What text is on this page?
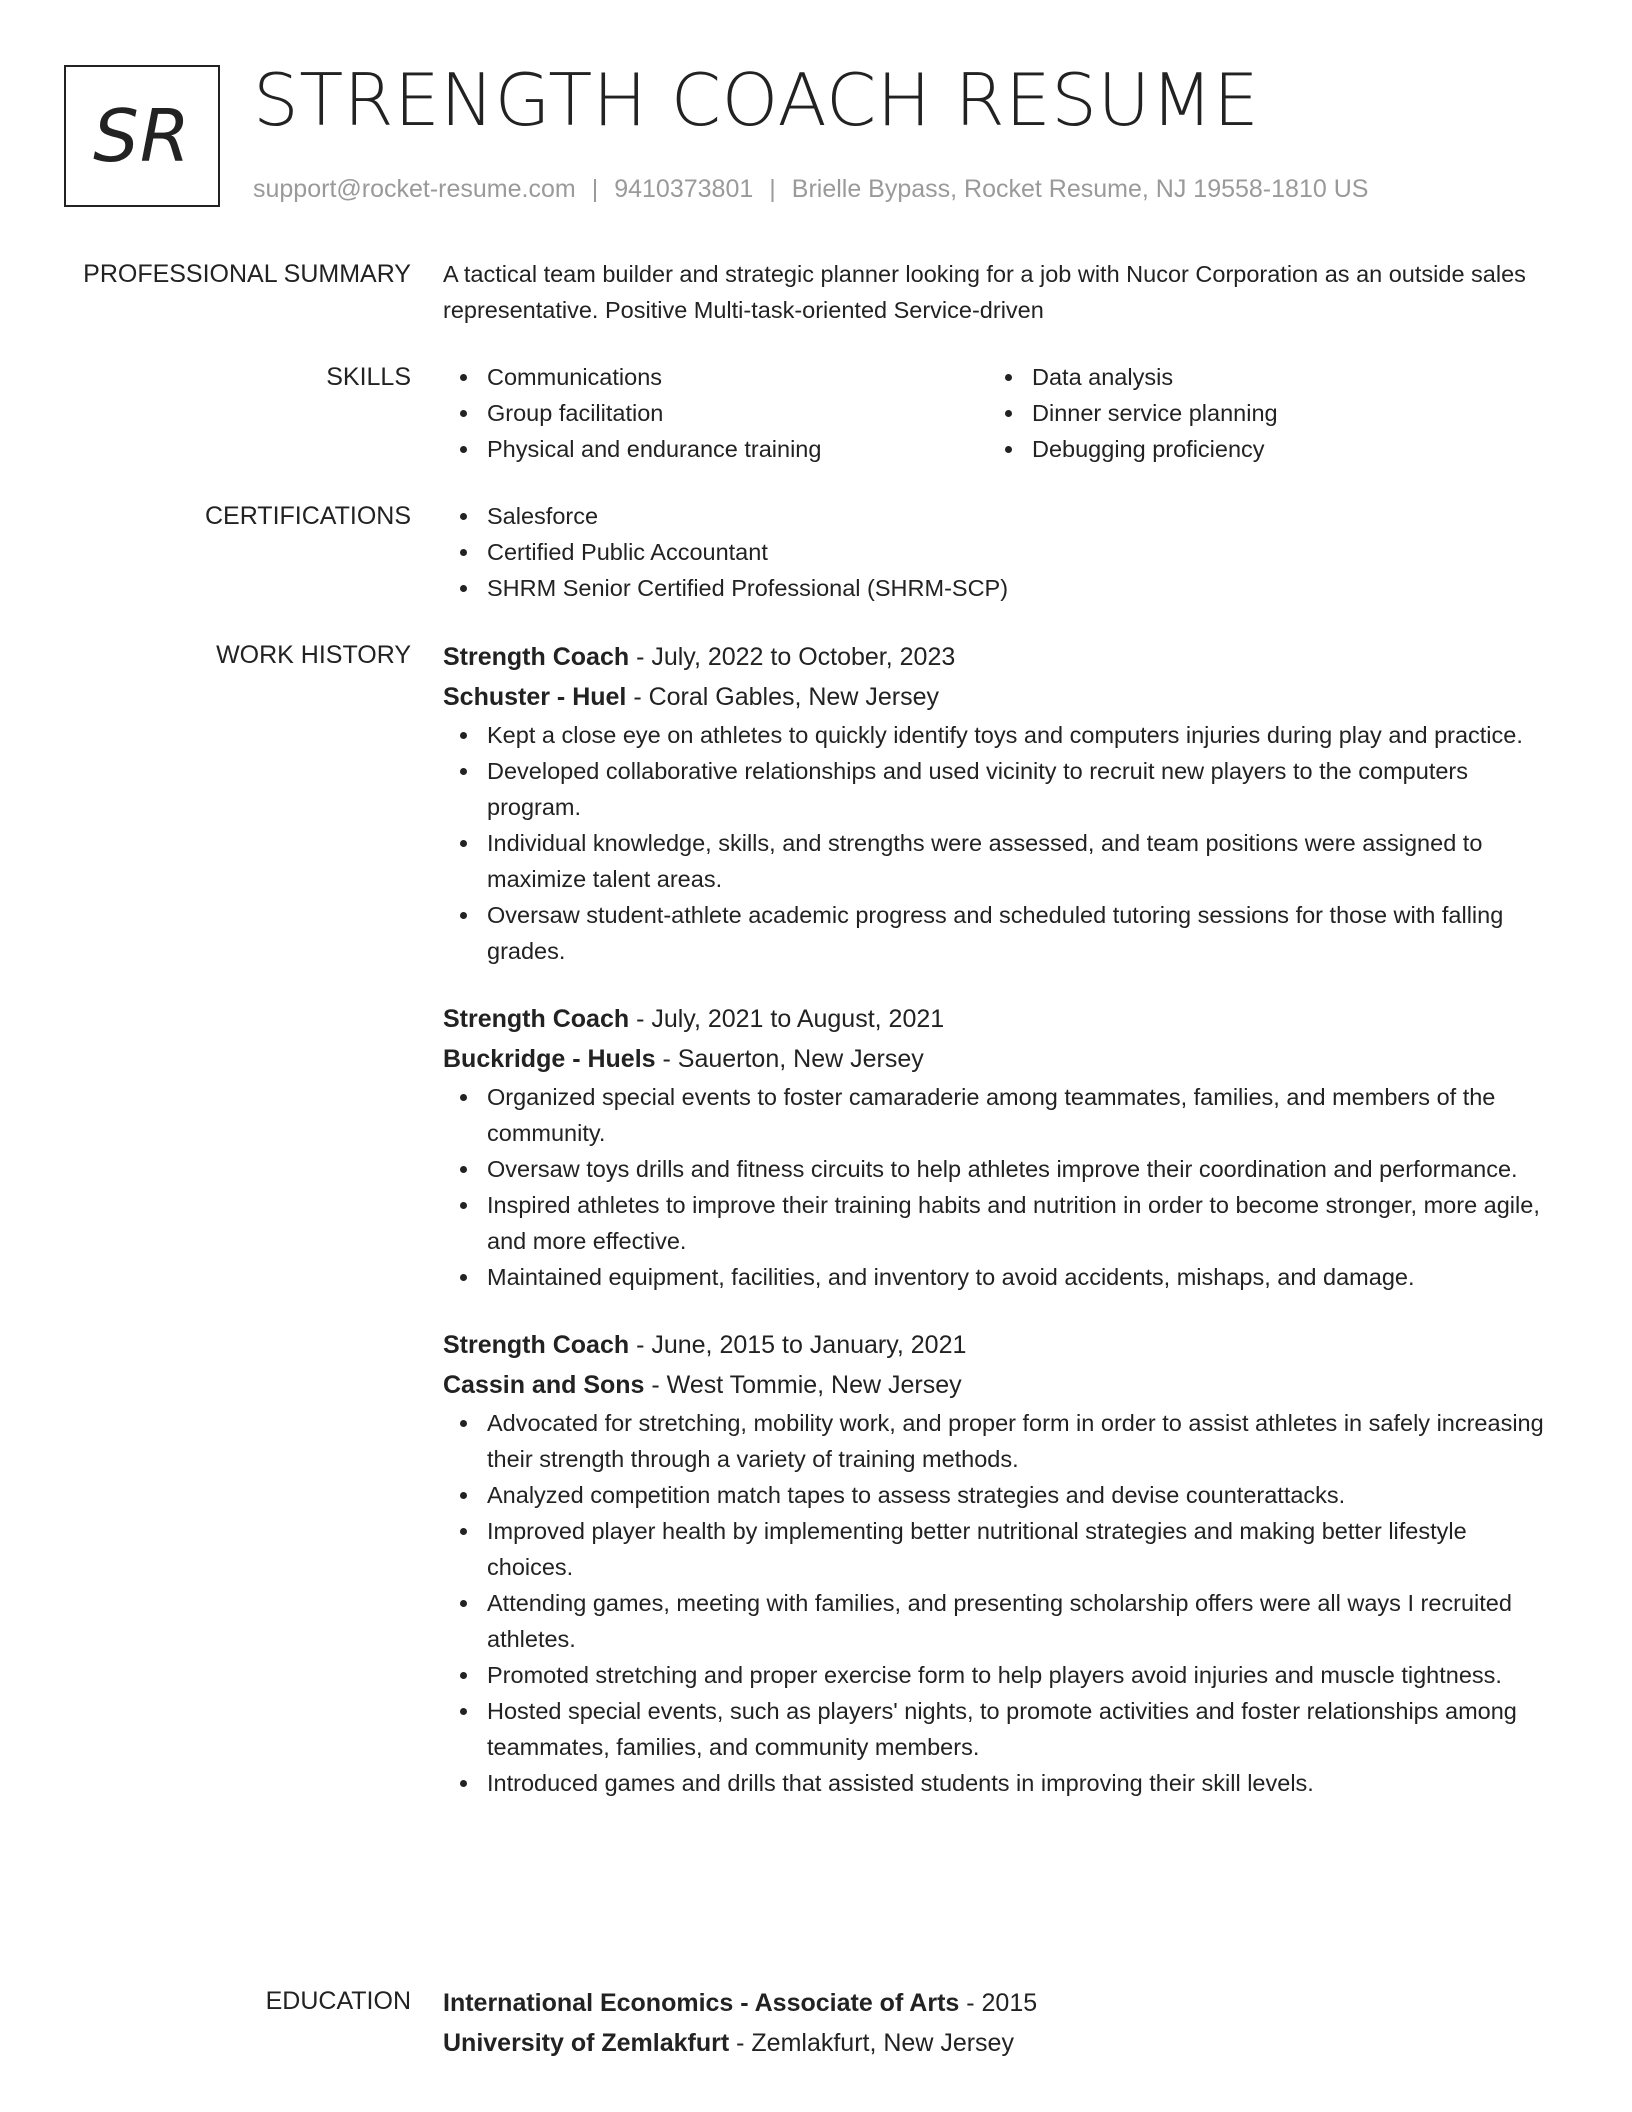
SR STRENGTH COACH RESUME
support@rocket-resume.com | 9410373801 | Brielle Bypass, Rocket Resume, NJ 19558-1810 US
PROFESSIONAL SUMMARY A tactical team builder and strategic planner looking for a job with Nucor Corporation as an outside sales representative. Positive Multi-task-oriented Service-driven

SKILLS	Communications
Group facilitation
Physical and endurance training
Data analysis
Dinner service planning
Debugging proficiency
CERTIFICATIONS	Salesforce
Certified Public Accountant
SHRM Senior Certified Professional (SHRM-SCP)
WORK HISTORY Strength Coach - July, 2022 to October, 2023
Schuster - Huel - Coral Gables, New Jersey
Kept a close eye on athletes to quickly identify toys and computers injuries during play and practice.
Developed collaborative relationships and used vicinity to recruit new players to the computers program.
Individual knowledge, skills, and strengths were assessed, and team positions were assigned to maximize talent areas.
Oversaw student-athlete academic progress and scheduled tutoring sessions for those with falling grades.
Strength Coach - July, 2021 to August, 2021
Buckridge - Huels - Sauerton, New Jersey
Organized special events to foster camaraderie among teammates, families, and members of the community.
Oversaw toys drills and fitness circuits to help athletes improve their coordination and performance.
Inspired athletes to improve their training habits and nutrition in order to become stronger, more agile, and more effective.
Maintained equipment, facilities, and inventory to avoid accidents, mishaps, and damage.
Strength Coach - June, 2015 to January, 2021
Cassin and Sons - West Tommie, New Jersey
Advocated for stretching, mobility work, and proper form in order to assist athletes in safely increasing their strength through a variety of training methods.
Analyzed competition match tapes to assess strategies and devise counterattacks.
Improved player health by implementing better nutritional strategies and making better lifestyle choices.
Attending games, meeting with families, and presenting scholarship offers were all ways I recruited athletes.
Promoted stretching and proper exercise form to help players avoid injuries and muscle tightness.
Hosted special events, such as players' nights, to promote activities and foster relationships among teammates, families, and community members.
Introduced games and drills that assisted students in improving their skill levels.
EDUCATION International Economics - Associate of Arts - 2015
University of Zemlakfurt - Zemlakfurt, New Jersey
